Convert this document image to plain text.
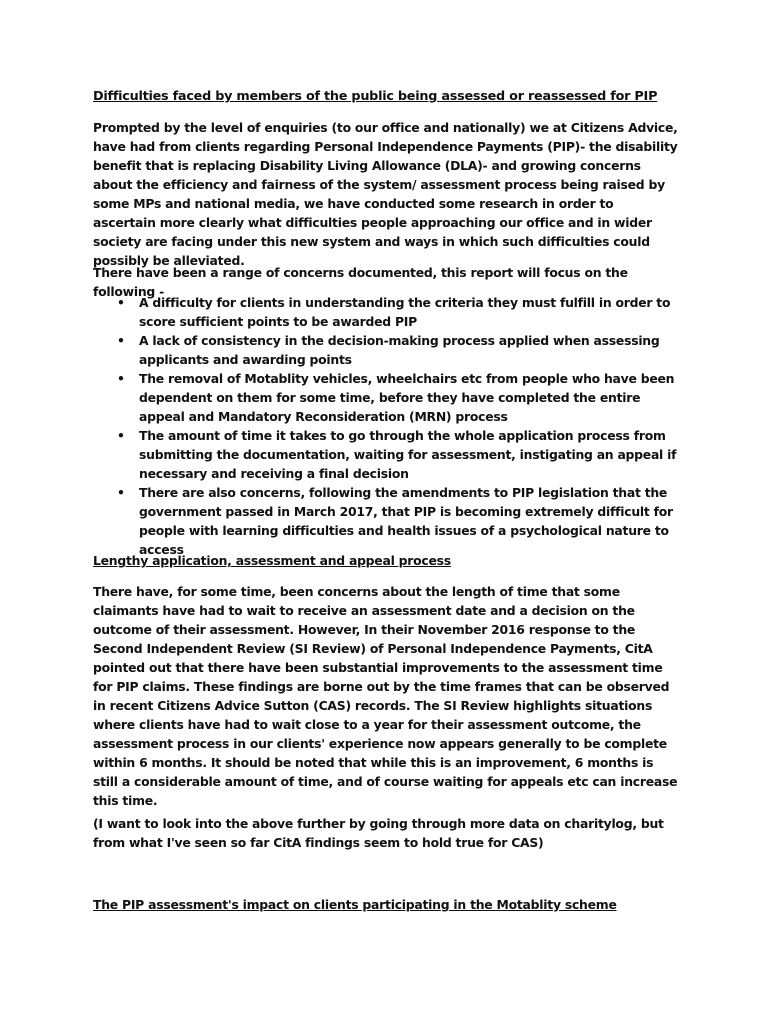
Difficulties faced by members of the public being assessed or reassessed for PIP

Prompted by the level of enquiries (to our office and nationally) we at Citizens Advice, have had from clients regarding Personal Independence Payments (PIP)- the disability benefit that is replacing Disability Living Allowance (DLA)- and growing concerns about the efficiency and fairness of the system/ assessment process being raised by some MPs and national media, we have conducted some research in order to ascertain more clearly what difficulties people approaching our office and in wider society are facing under this new system and ways in which such difficulties could possibly be alleviated.

There have been a range of concerns documented, this report will focus on the following -

• A difficulty for clients in understanding the criteria they must fulfill in order to score sufficient points to be awarded PIP
• A lack of consistency in the decision-making process applied when assessing applicants and awarding points
• The removal of Motablity vehicles, wheelchairs etc from people who have been dependent on them for some time, before they have completed the entire appeal and Mandatory Reconsideration (MRN) process
• The amount of time it takes to go through the whole application process from submitting the documentation, waiting for assessment, instigating an appeal if necessary and receiving a final decision
• There are also concerns, following the amendments to PIP legislation that the government passed in March 2017, that PIP is becoming extremely difficult for people with learning difficulties and health issues of a psychological nature to access

Lengthy application, assessment and appeal process

There have, for some time, been concerns about the length of time that some claimants have had to wait to receive an assessment date and a decision on the outcome of their assessment. However, In their November 2016 response to the Second Independent Review (SI Review) of Personal Independence Payments, CitA pointed out that there have been substantial improvements to the assessment time for PIP claims. These findings are borne out by the time frames that can be observed in recent Citizens Advice Sutton (CAS) records. The SI Review highlights situations where clients have had to wait close to a year for their assessment outcome, the assessment process in our clients' experience now appears generally to be complete within 6 months. It should be noted that while this is an improvement, 6 months is still a considerable amount of time, and of course waiting for appeals etc can increase this time.

(I want to look into the above further by going through more data on charitylog, but from what I've seen so far CitA findings seem to hold true for CAS)

The PIP assessment's impact on clients participating in the Motablity scheme
